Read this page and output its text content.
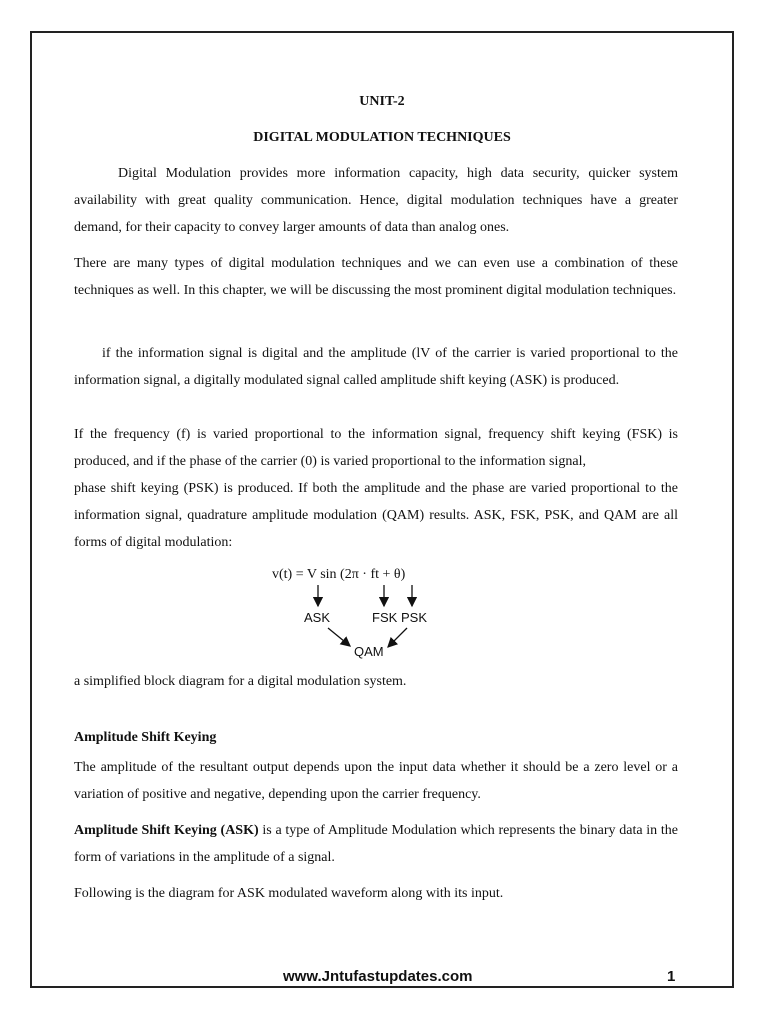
UNIT-2

DIGITAL MODULATION TECHNIQUES

Digital Modulation provides more information capacity, high data security, quicker system availability with great quality communication. Hence, digital modulation techniques have a greater demand, for their capacity to convey larger amounts of data than analog ones.

There are many types of digital modulation techniques and we can even use a combination of these techniques as well. In this chapter, we will be discussing the most prominent digital modulation techniques.

if the information signal is digital and the amplitude (lV of the carrier is varied proportional to the information signal, a digitally modulated signal called amplitude shift keying (ASK) is produced.

If the frequency (f) is varied proportional to the information signal, frequency shift keying (FSK) is produced, and if the phase of the carrier (0) is varied proportional to the information signal,

phase shift keying (PSK) is produced. If both the amplitude and the phase are varied proportional to the information signal, quadrature amplitude modulation (QAM) results. ASK, FSK, PSK, and QAM are all forms of digital modulation:

v(t) = V sin (2π · ft + θ)
ASK	FSK PSK
QAM

a simplified block diagram for a digital modulation system.

Amplitude Shift Keying

The amplitude of the resultant output depends upon the input data whether it should be a zero level or a variation of positive and negative, depending upon the carrier frequency.

Amplitude Shift Keying (ASK) is a type of Amplitude Modulation which represents the binary data in the form of variations in the amplitude of a signal.

Following is the diagram for ASK modulated waveform along with its input.

www.Jntufastupdates.com	1
